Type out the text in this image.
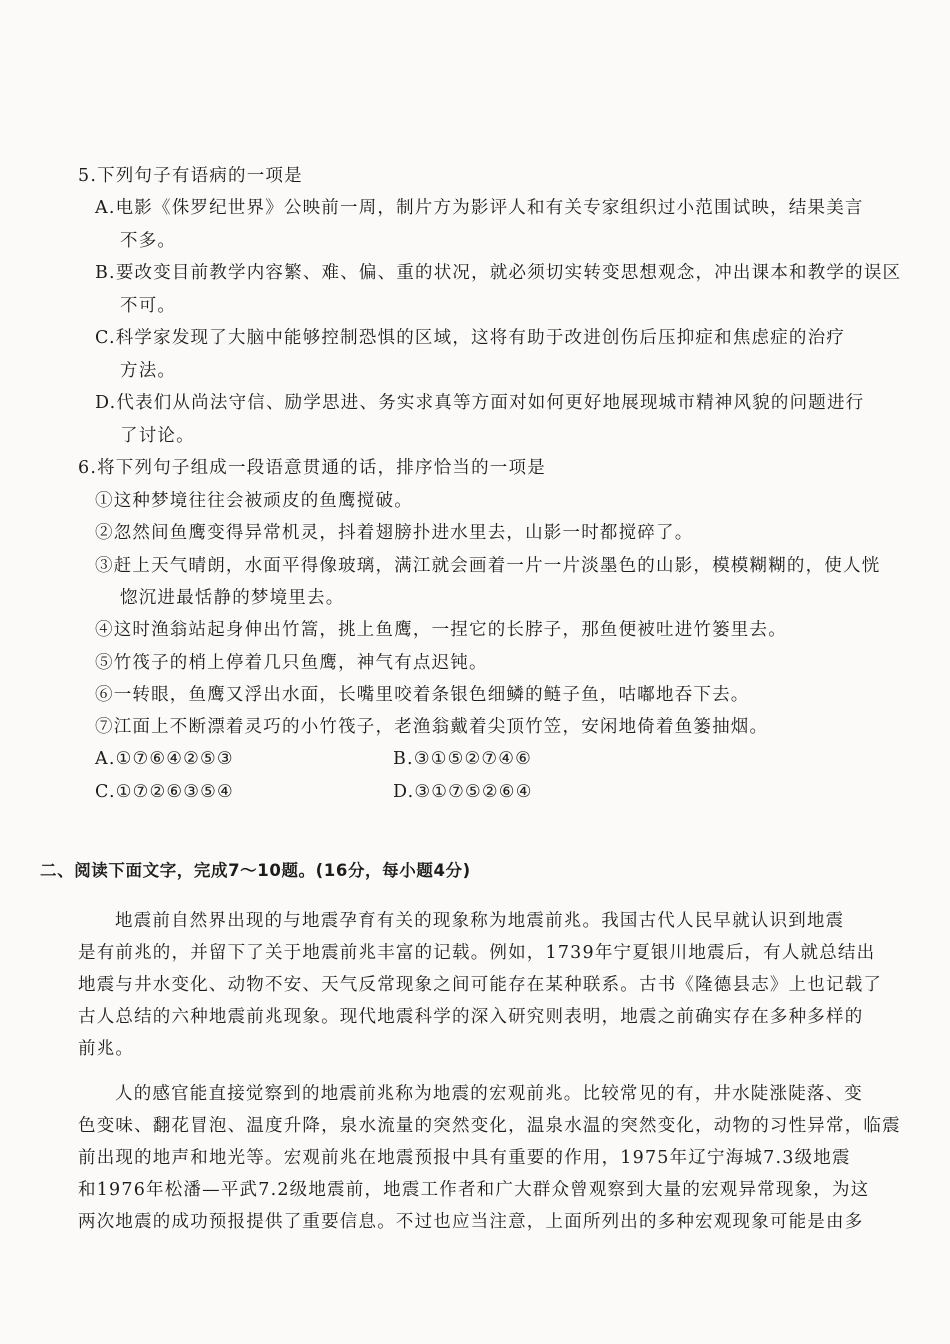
5.下列句子有语病的一项是
A.电影《侏罗纪世界》公映前一周，制片方为影评人和有关专家组织过小范围试映，结果美言
不多。
B.要改变目前教学内容繁、难、偏、重的状况，就必须切实转变思想观念，冲出课本和教学的误区
不可。
C.科学家发现了大脑中能够控制恐惧的区域，这将有助于改进创伤后压抑症和焦虑症的治疗
方法。
D.代表们从尚法守信、励学思进、务实求真等方面对如何更好地展现城市精神风貌的问题进行
了讨论。
6.将下列句子组成一段语意贯通的话，排序恰当的一项是
①这种梦境往往会被顽皮的鱼鹰搅破。
②忽然间鱼鹰变得异常机灵，抖着翅膀扑进水里去，山影一时都搅碎了。
③赶上天气晴朗，水面平得像玻璃，满江就会画着一片一片淡墨色的山影，模模糊糊的，使人恍
惚沉进最恬静的梦境里去。
④这时渔翁站起身伸出竹篙，挑上鱼鹰，一捏它的长脖子，那鱼便被吐进竹篓里去。
⑤竹筏子的梢上停着几只鱼鹰，神气有点迟钝。
⑥一转眼，鱼鹰又浮出水面，长嘴里咬着条银色细鳞的鲢子鱼，咕嘟地吞下去。
⑦江面上不断漂着灵巧的小竹筏子，老渔翁戴着尖顶竹笠，安闲地倚着鱼篓抽烟。
A.①⑦⑥④②⑤③	B.③①⑤②⑦④⑥
C.①⑦②⑥③⑤④	D.③①⑦⑤②⑥④
二、阅读下面文字，完成7～10题。(16分，每小题4分)
地震前自然界出现的与地震孕育有关的现象称为地震前兆。我国古代人民早就认识到地震
是有前兆的，并留下了关于地震前兆丰富的记载。例如，1739年宁夏银川地震后，有人就总结出
地震与井水变化、动物不安、天气反常现象之间可能存在某种联系。古书《隆德县志》上也记载了
古人总结的六种地震前兆现象。现代地震科学的深入研究则表明，地震之前确实存在多种多样的
前兆。
人的感官能直接觉察到的地震前兆称为地震的宏观前兆。比较常见的有，井水陡涨陡落、变
色变味、翻花冒泡、温度升降，泉水流量的突然变化，温泉水温的突然变化，动物的习性异常，临震
前出现的地声和地光等。宏观前兆在地震预报中具有重要的作用，1975年辽宁海城7.3级地震
和1976年松潘—平武7.2级地震前，地震工作者和广大群众曾观察到大量的宏观异常现象，为这
两次地震的成功预报提供了重要信息。不过也应当注意，上面所列出的多种宏观现象可能是由多
